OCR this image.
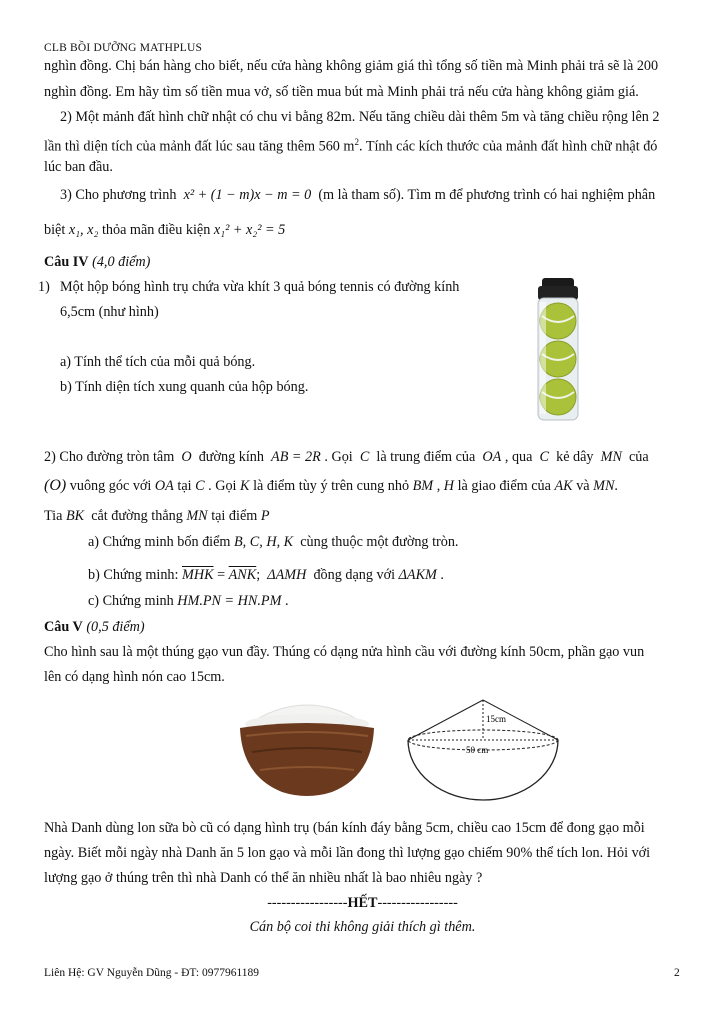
CLB BỒI DƯỠNG MATHPLUS
nghìn đồng. Chị bán hàng cho biết, nếu cửa hàng không giảm giá thì tổng số tiền mà Minh phải trả sẽ là 200
nghìn đồng. Em hãy tìm số tiền mua vở, số tiền mua bút mà Minh phải trả nếu cửa hàng không giảm giá.
2) Một mảnh đất hình chữ nhật có chu vi bằng 82m. Nếu tăng chiều dài thêm 5m và tăng chiều rộng lên 2
lần thì diện tích của mảnh đất lúc sau tăng thêm 560 $m^2$. Tính các kích thước của mảnh đất hình chữ nhật đó
lúc ban đầu.
3) Cho phương trình x² + (1 − m)x − m = 0 (m là tham số). Tìm m để phương trình có hai nghiệm phân
biệt x₁, x₂ thỏa mãn điều kiện x₁² + x₂² = 5
Câu IV (4,0 điểm)
1) Một hộp bóng hình trụ chứa vừa khít 3 quả bóng tennis có đường kính
6,5cm (như hình)
a) Tính thể tích của mỗi quả bóng.
b) Tính diện tích xung quanh của hộp bóng.
2) Cho đường tròn tâm O đường kính AB = 2R . Gọi C là trung điểm của OA , qua C kẻ dây MN của
(O) vuông góc với OA tại C . Gọi K là điểm tùy ý trên cung nhỏ BM , H là giao điểm của AK và MN.
Tia BK cắt đường thẳng MN tại điểm P
a) Chứng minh bốn điểm B, C, H, K cùng thuộc một đường tròn.
b) Chứng minh: $\overline{MHK} = \overline{ANK}$; ΔAMH đồng dạng với ΔAKM .
c) Chứng minh HM.PN = HN.PM .
Câu V (0,5 điểm)
Cho hình sau là một thúng gạo vun đầy. Thúng có dạng nửa hình cầu với đường kính 50cm, phần gạo vun
lên có dạng hình nón cao 15cm.
15cm
50 cm
Nhà Danh dùng lon sữa bò cũ có dạng hình trụ (bán kính đáy bằng 5cm, chiều cao 15cm để đong gạo mỗi
ngày. Biết mỗi ngày nhà Danh ăn 5 lon gạo và mỗi lần đong thì lượng gạo chiếm 90% thể tích lon. Hỏi với
lượng gạo ở thúng trên thì nhà Danh có thể ăn nhiều nhất là bao nhiêu ngày ?
-----------------HẾT-----------------
Cán bộ coi thi không giải thích gì thêm.
Liên Hệ: GV Nguyễn Dũng - ĐT: 0977961189	2
